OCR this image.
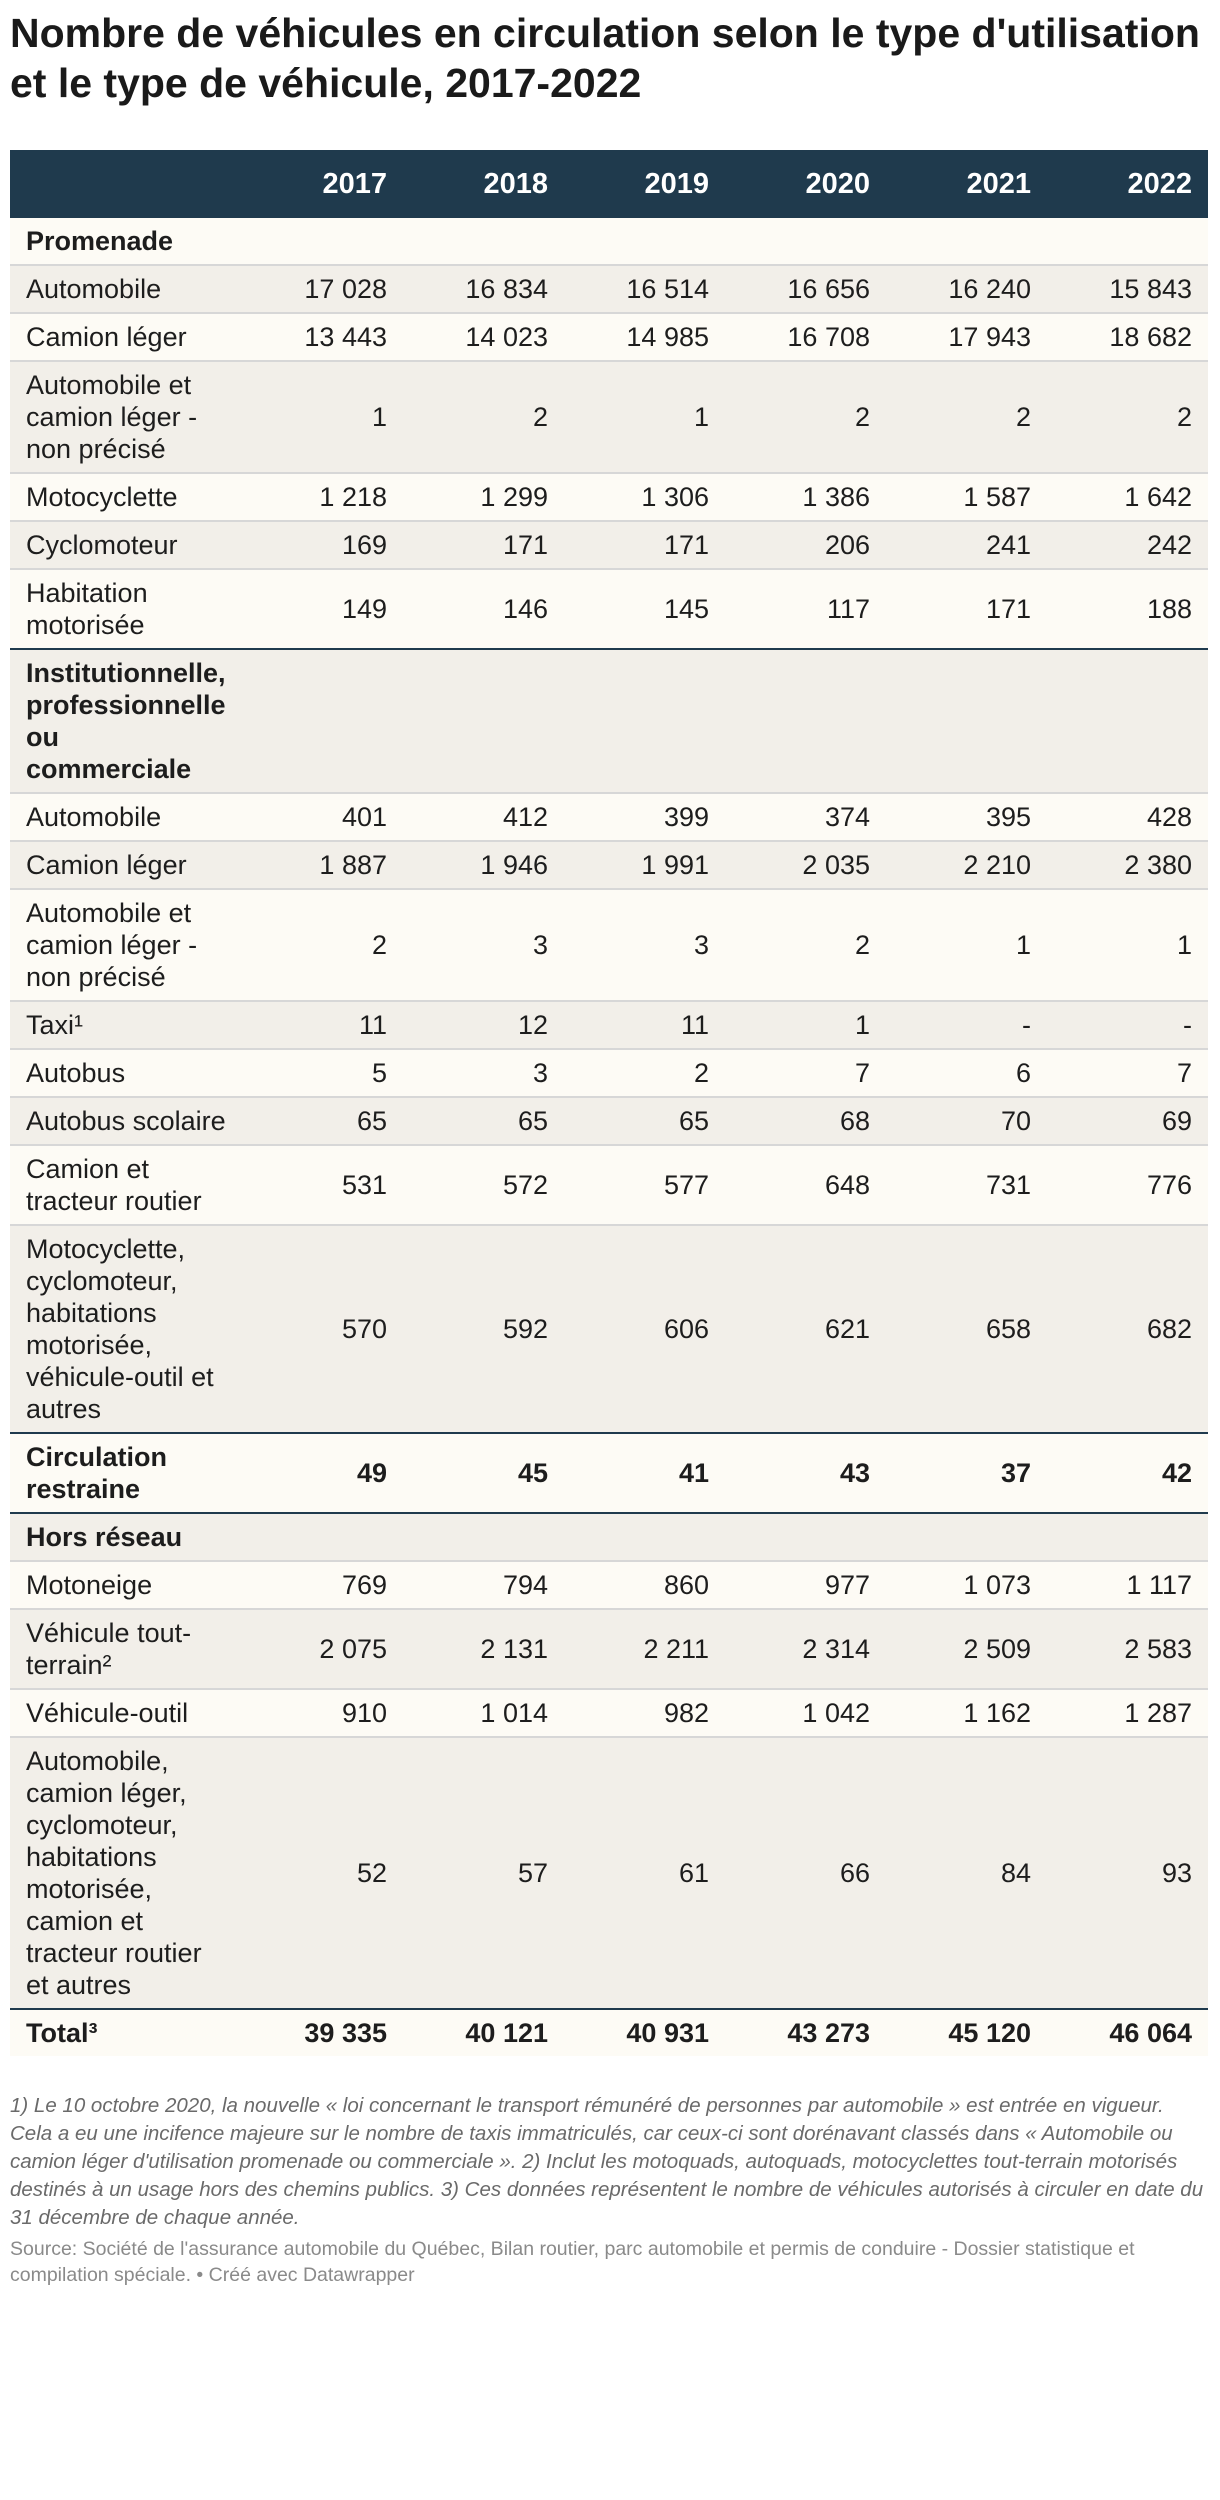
Nombre de véhicules en circulation selon le type d'utilisation et le type de véhicule, 2017-2022
	2017	2018	2019	2020	2021	2022
Promenade						
Automobile	17 028	16 834	16 514	16 656	16 240	15 843
Camion léger	13 443	14 023	14 985	16 708	17 943	18 682
Automobile et camion léger - non précisé	1	2	1	2	2	2
Motocyclette	1 218	1 299	1 306	1 386	1 587	1 642
Cyclomoteur	169	171	171	206	241	242
Habitation motorisée	149	146	145	117	171	188
Institutionnelle, professionnelle ou commerciale						
Automobile	401	412	399	374	395	428
Camion léger	1 887	1 946	1 991	2 035	2 210	2 380
Automobile et camion léger - non précisé	2	3	3	2	1	1
Taxi¹	11	12	11	1	-	-
Autobus	5	3	2	7	6	7
Autobus scolaire	65	65	65	68	70	69
Camion et tracteur routier	531	572	577	648	731	776
Motocyclette, cyclomoteur, habitations motorisée, véhicule-outil et autres	570	592	606	621	658	682
Circulation restraine	49	45	41	43	37	42
Hors réseau						
Motoneige	769	794	860	977	1 073	1 117
Véhicule tout-terrain²	2 075	2 131	2 211	2 314	2 509	2 583
Véhicule-outil	910	1 014	982	1 042	1 162	1 287
Automobile, camion léger, cyclomoteur, habitations motorisée, camion et tracteur routier et autres	52	57	61	66	84	93
Total³	39 335	40 121	40 931	43 273	45 120	46 064
1) Le 10 octobre 2020, la nouvelle « loi concernant le transport rémunéré de personnes par automobile » est entrée en vigueur. Cela a eu une incifence majeure sur le nombre de taxis immatriculés, car ceux-ci sont dorénavant classés dans « Automobile ou camion léger d'utilisation promenade ou commerciale ». 2) Inclut les motoquads, autoquads, motocyclettes tout-terrain motorisés destinés à un usage hors des chemins publics. 3) Ces données représentent le nombre de véhicules autorisés à circuler en date du 31 décembre de chaque année.
Source: Société de l'assurance automobile du Québec, Bilan routier, parc automobile et permis de conduire - Dossier statistique et compilation spéciale. • Créé avec Datawrapper
